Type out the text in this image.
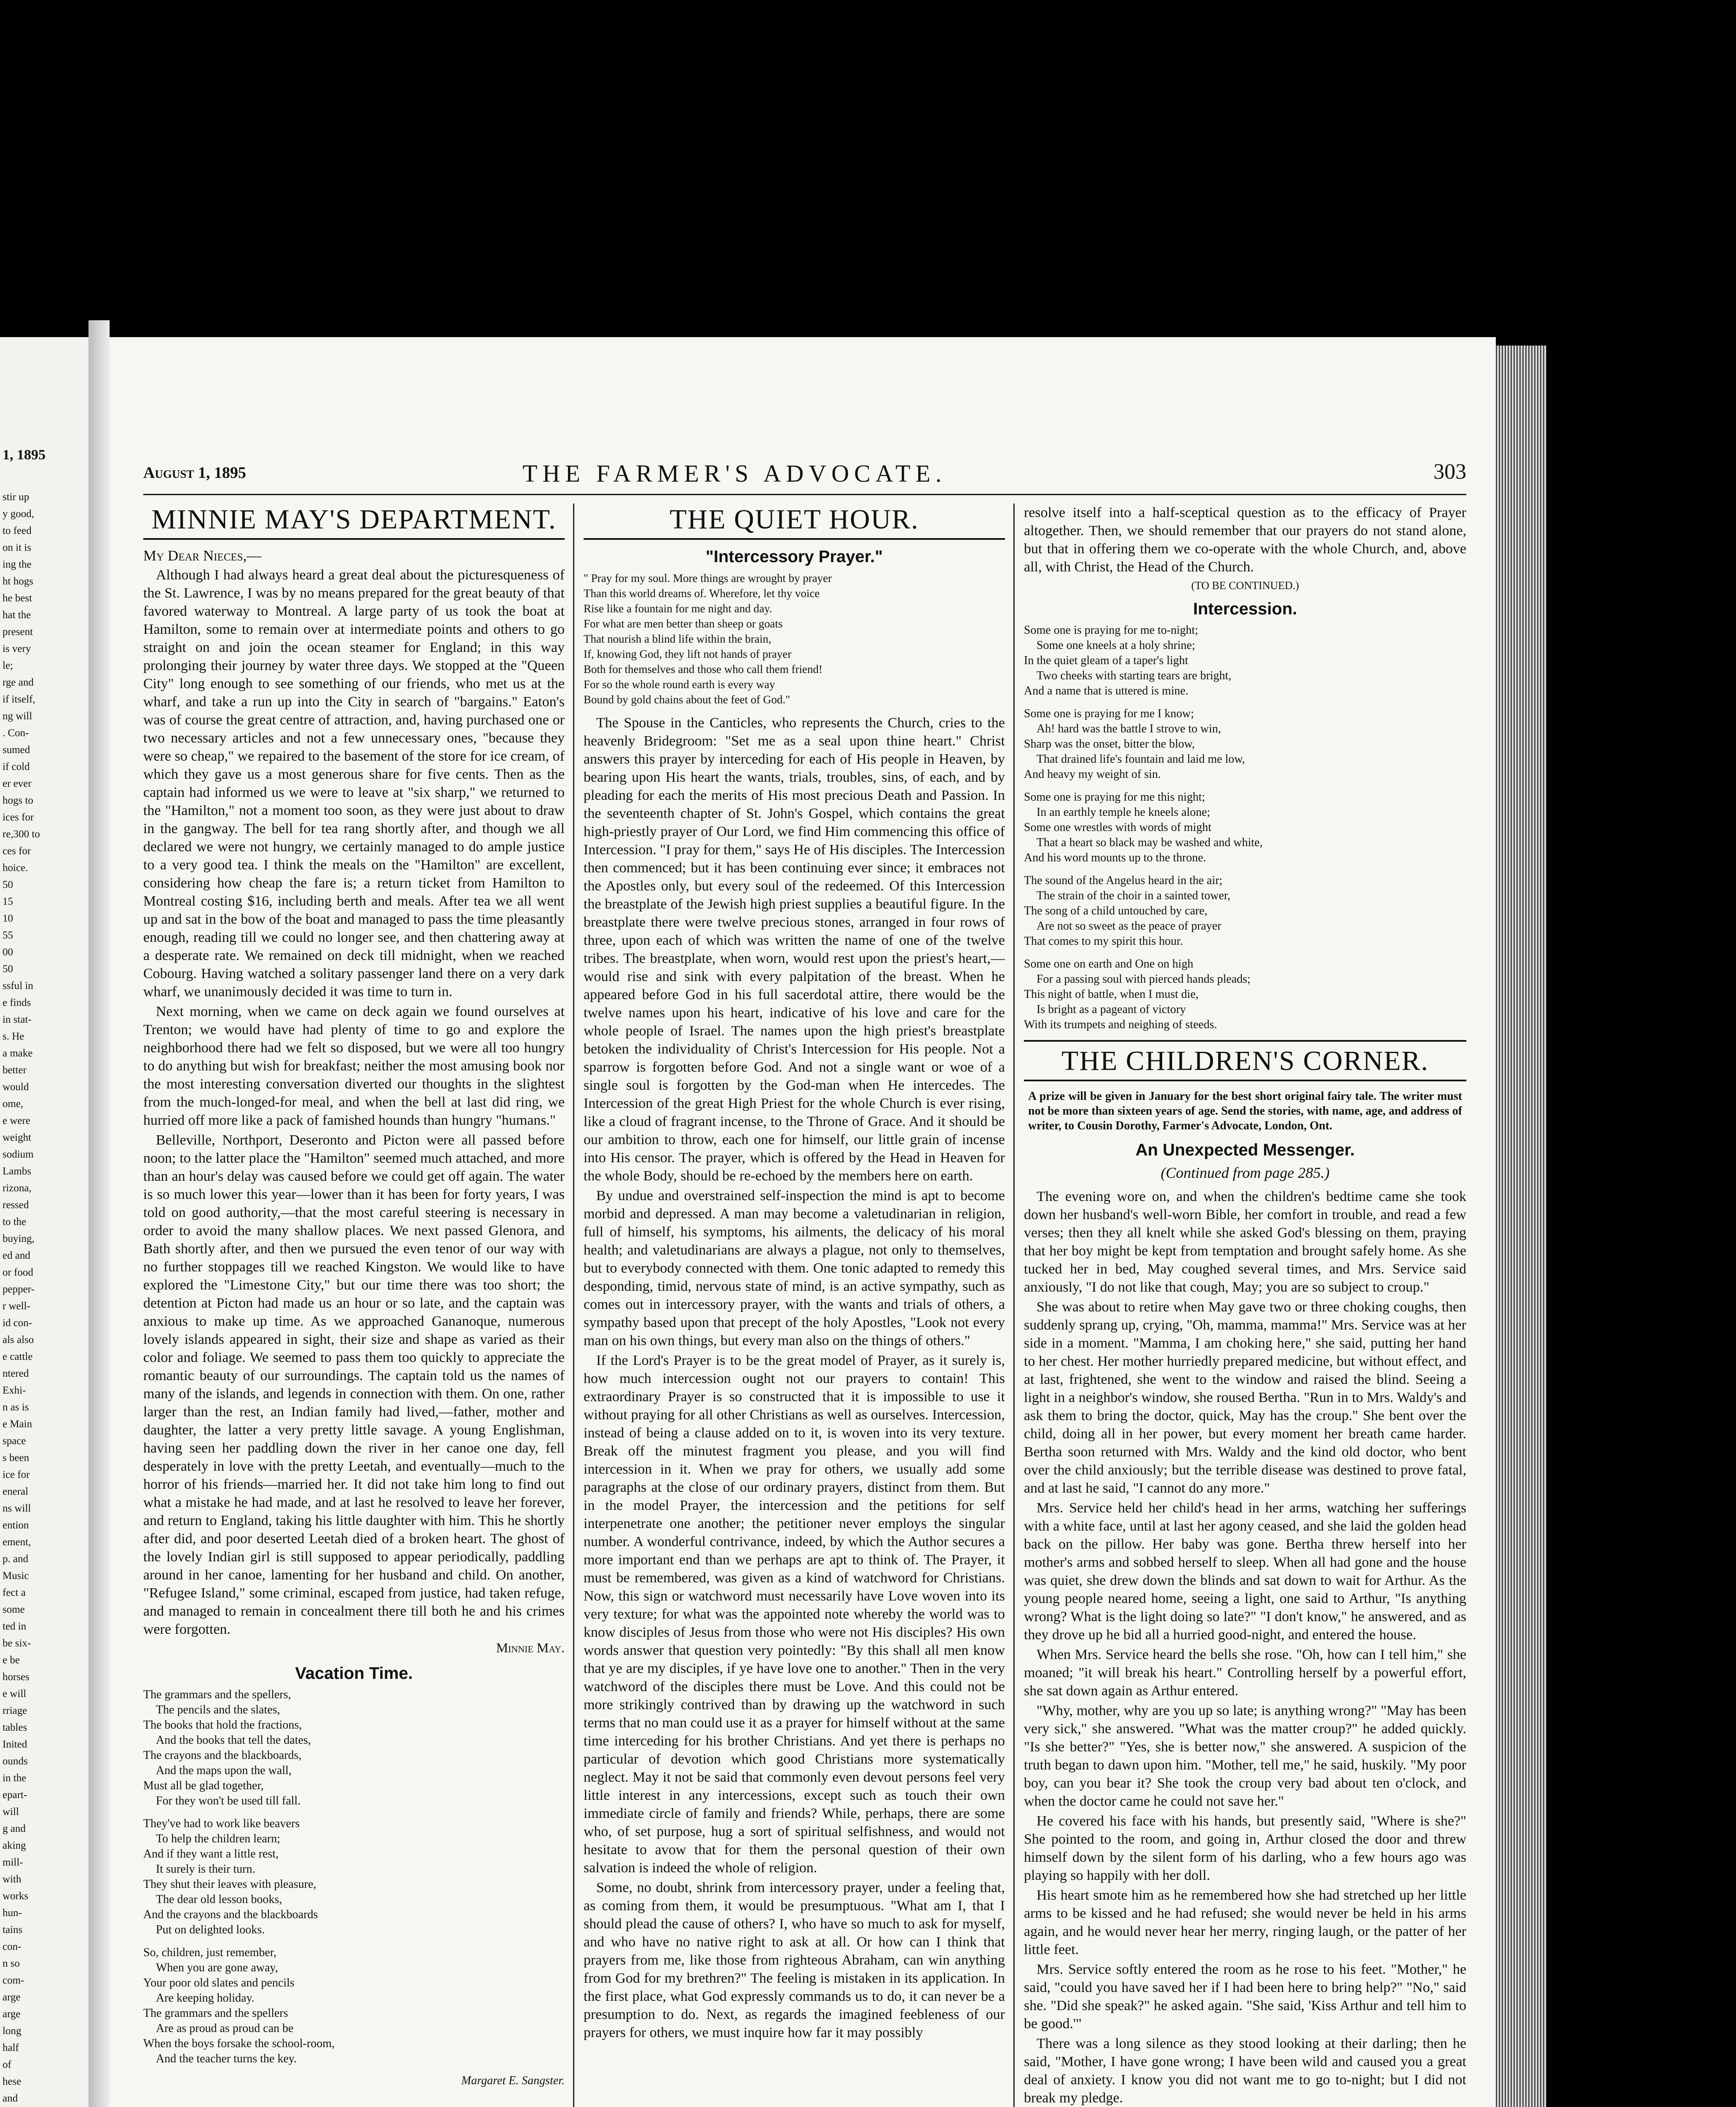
1, 1895
stir up
y good,
to feed
on it is
ing the
ht hogs
he best
hat the
present
is very
le;
rge and
if itself,
ng will
. Con-
sumed
if cold
er ever
hogs to
ices for
re,300 to
ces for
hoice.
50
15
10
55
00
50
ssful in
e finds
in stat-
s. He
a make
better
would
ome,
e were
weight
sodium
Lambs
rizona,
ressed
to the
buying,
ed and
or food
pepper-
r well-
id con-
als also
e cattle
ntered
Exhi-
n as is
e Main
space
s been
ice for
eneral
ns will
ention
ement,
p. and
Music
fect a
some
ted in
be six-
e be
horses
e will
rriage
tables
Inited
ounds
in the
epart-
will
g and
aking
mill-
with
works
hun-
tains
con-
n so
com-
arge
arge
long
half
of
hese
and
August 1, 1895	THE FARMER'S ADVOCATE.	303
MINNIE MAY'S DEPARTMENT.
My Dear Nieces,—

Although I had always heard a great deal about the picturesqueness of the St. Lawrence, I was by no means prepared for the great beauty of that favored waterway to Montreal. A large party of us took the boat at Hamilton, some to remain over at intermediate points and others to go straight on and join the ocean steamer for England; in this way prolonging their journey by water three days. We stopped at the "Queen City" long enough to see something of our friends, who met us at the wharf, and take a run up into the City in search of "bargains." Eaton's was of course the great centre of attraction, and, having purchased one or two necessary articles and not a few unnecessary ones, "because they were so cheap," we repaired to the basement of the store for ice cream, of which they gave us a most generous share for five cents. Then as the captain had informed us we were to leave at "six sharp," we returned to the "Hamilton," not a moment too soon, as they were just about to draw in the gangway. The bell for tea rang shortly after, and though we all declared we were not hungry, we certainly managed to do ample justice to a very good tea. I think the meals on the "Hamilton" are excellent, considering how cheap the fare is; a return ticket from Hamilton to Montreal costing $16, including berth and meals. After tea we all went up and sat in the bow of the boat and managed to pass the time pleasantly enough, reading till we could no longer see, and then chattering away at a desperate rate. We remained on deck till midnight, when we reached Cobourg. Having watched a solitary passenger land there on a very dark wharf, we unanimously decided it was time to turn in.

Next morning, when we came on deck again we found ourselves at Trenton; we would have had plenty of time to go and explore the neighborhood there had we felt so disposed, but we were all too hungry to do anything but wish for breakfast; neither the most amusing book nor the most interesting conversation diverted our thoughts in the slightest from the much-longed-for meal, and when the bell at last did ring, we hurried off more like a pack of famished hounds than hungry "humans."

Belleville, Northport, Deseronto and Picton were all passed before noon; to the latter place the "Hamilton" seemed much attached, and more than an hour's delay was caused before we could get off again. The water is so much lower this year—lower than it has been for forty years, I was told on good authority,—that the most careful steering is necessary in order to avoid the many shallow places. We next passed Glenora, and Bath shortly after, and then we pursued the even tenor of our way with no further stoppages till we reached Kingston. We would like to have explored the "Limestone City," but our time there was too short; the detention at Picton had made us an hour or so late, and the captain was anxious to make up time. As we approached Gananoque, numerous lovely islands appeared in sight, their size and shape as varied as their color and foliage. We seemed to pass them too quickly to appreciate the romantic beauty of our surroundings. The captain told us the names of many of the islands, and legends in connection with them. On one, rather larger than the rest, an Indian family had lived,—father, mother and daughter, the latter a very pretty little savage. A young Englishman, having seen her paddling down the river in her canoe one day, fell desperately in love with the pretty Leetah, and eventually—much to the horror of his friends—married her. It did not take him long to find out what a mistake he had made, and at last he resolved to leave her forever, and return to England, taking his little daughter with him. This he shortly after did, and poor deserted Leetah died of a broken heart. The ghost of the lovely Indian girl is still supposed to appear periodically, paddling around in her canoe, lamenting for her husband and child. On another, "Refugee Island," some criminal, escaped from justice, had taken refuge, and managed to remain in concealment there till both he and his crimes were forgotten.

Minnie May.
Vacation Time.
The grammars and the spellers,
The pencils and the slates,
The books that hold the fractions,
And the books that tell the dates,
The crayons and the blackboards,
And the maps upon the wall,
Must all be glad together,
For they won't be used till fall.
They've had to work like beavers
To help the children learn;
And if they want a little rest,
It surely is their turn.
They shut their leaves with pleasure,
The dear old lesson books,
And the crayons and the blackboards
Put on delighted looks.
So, children, just remember,
When you are gone away,
Your poor old slates and pencils
Are keeping holiday.
The grammars and the spellers
Are as proud as proud can be
When the boys forsake the school-room,
And the teacher turns the key.
Margaret E. Sangster.
THE QUIET HOUR.
"Intercessory Prayer."
" Pray for my soul. More things are wrought by prayer
Than this world dreams of. Wherefore, let thy voice
Rise like a fountain for me night and day.
For what are men better than sheep or goats
That nourish a blind life within the brain,
If, knowing God, they lift not hands of prayer
Both for themselves and those who call them friend!
For so the whole round earth is every way
Bound by gold chains about the feet of God."

The Spouse in the Canticles, who represents the Church, cries to the heavenly Bridegroom: "Set me as a seal upon thine heart." Christ answers this prayer by interceding for each of His people in Heaven, by bearing upon His heart the wants, trials, troubles, sins, of each, and by pleading for each the merits of His most precious Death and Passion. In the seventeenth chapter of St. John's Gospel, which contains the great high-priestly prayer of Our Lord, we find Him commencing this office of Intercession. "I pray for them," says He of His disciples. The Intercession then commenced; but it has been continuing ever since; it embraces not the Apostles only, but every soul of the redeemed. Of this Intercession the breastplate of the Jewish high priest supplies a beautiful figure. In the breastplate there were twelve precious stones, arranged in four rows of three, upon each of which was written the name of one of the twelve tribes. The breastplate, when worn, would rest upon the priest's heart,—would rise and sink with every palpitation of the breast. When he appeared before God in his full sacerdotal attire, there would be the twelve names upon his heart, indicative of his love and care for the whole people of Israel. The names upon the high priest's breastplate betoken the individuality of Christ's Intercession for His people. Not a sparrow is forgotten before God. And not a single want or woe of a single soul is forgotten by the God-man when He intercedes. The Intercession of the great High Priest for the whole Church is ever rising, like a cloud of fragrant incense, to the Throne of Grace. And it should be our ambition to throw, each one for himself, our little grain of incense into His censor. The prayer, which is offered by the Head in Heaven for the whole Body, should be re-echoed by the members here on earth.

By undue and overstrained self-inspection the mind is apt to become morbid and depressed. A man may become a valetudinarian in religion, full of himself, his symptoms, his ailments, the delicacy of his moral health; and valetudinarians are always a plague, not only to themselves, but to everybody connected with them. One tonic adapted to remedy this desponding, timid, nervous state of mind, is an active sympathy, such as comes out in intercessory prayer, with the wants and trials of others, a sympathy based upon that precept of the holy Apostles, "Look not every man on his own things, but every man also on the things of others."

If the Lord's Prayer is to be the great model of Prayer, as it surely is, how much intercession ought not our prayers to contain! This extraordinary Prayer is so constructed that it is impossible to use it without praying for all other Christians as well as ourselves. Intercession, instead of being a clause added on to it, is woven into its very texture. Break off the minutest fragment you please, and you will find intercession in it. When we pray for others, we usually add some paragraphs at the close of our ordinary prayers, distinct from them. But in the model Prayer, the intercession and the petitions for self interpenetrate one another; the petitioner never employs the singular number. A wonderful contrivance, indeed, by which the Author secures a more important end than we perhaps are apt to think of. The Prayer, it must be remembered, was given as a kind of watchword for Christians. Now, this sign or watchword must necessarily have Love woven into its very texture; for what was the appointed note whereby the world was to know disciples of Jesus from those who were not His disciples? His own words answer that question very pointedly: "By this shall all men know that ye are my disciples, if ye have love one to another." Then in the very watchword of the disciples there must be Love. And this could not be more strikingly contrived than by drawing up the watchword in such terms that no man could use it as a prayer for himself without at the same time interceding for his brother Christians. And yet there is perhaps no particular of devotion which good Christians more systematically neglect. May it not be said that commonly even devout persons feel very little interest in any intercessions, except such as touch their own immediate circle of family and friends? While, perhaps, there are some who, of set purpose, hug a sort of spiritual selfishness, and would not hesitate to avow that for them the personal question of their own salvation is indeed the whole of religion.

Some, no doubt, shrink from intercessory prayer, under a feeling that, as coming from them, it would be presumptuous. "What am I, that I should plead the cause of others? I, who have so much to ask for myself, and who have no native right to ask at all. Or how can I think that prayers from me, like those from righteous Abraham, can win anything from God for my brethren?" The feeling is mistaken in its application. In the first place, what God expressly commands us to do, it can never be a presumption to do. Next, as regards the imagined feebleness of our prayers for others, we must inquire how far it may possibly

resolve itself into a half-sceptical question as to the efficacy of Prayer altogether. Then, we should remember that our prayers do not stand alone, but that in offering them we co-operate with the whole Church, and, above all, with Christ, the Head of the Church.

(TO BE CONTINUED.)
Intercession.
Some one is praying for me to-night;
Some one kneels at a holy shrine;
In the quiet gleam of a taper's light
Two cheeks with starting tears are bright,
And a name that is uttered is mine.
Some one is praying for me I know;
Ah! hard was the battle I strove to win,
Sharp was the onset, bitter the blow,
That drained life's fountain and laid me low,
And heavy my weight of sin.
Some one is praying for me this night;
In an earthly temple he kneels alone;
Some one wrestles with words of might
That a heart so black may be washed and white,
And his word mounts up to the throne.
The sound of the Angelus heard in the air;
The strain of the choir in a sainted tower,
The song of a child untouched by care,
Are not so sweet as the peace of prayer
That comes to my spirit this hour.
Some one on earth and One on high
For a passing soul with pierced hands pleads;
This night of battle, when I must die,
Is bright as a pageant of victory
With its trumpets and neighing of steeds.
THE CHILDREN'S CORNER.
A prize will be given in January for the best short original fairy tale. The writer must not be more than sixteen years of age. Send the stories, with name, age, and address of writer, to Cousin Dorothy, Farmer's Advocate, London, Ont.
An Unexpected Messenger.
(Continued from page 285.)

The evening wore on, and when the children's bedtime came she took down her husband's well-worn Bible, her comfort in trouble, and read a few verses; then they all knelt while she asked God's blessing on them, praying that her boy might be kept from temptation and brought safely home. As she tucked her in bed, May coughed several times, and Mrs. Service said anxiously, "I do not like that cough, May; you are so subject to croup."

She was about to retire when May gave two or three choking coughs, then suddenly sprang up, crying, "Oh, mamma, mamma!" Mrs. Service was at her side in a moment. "Mamma, I am choking here," she said, putting her hand to her chest. Her mother hurriedly prepared medicine, but without effect, and at last, frightened, she went to the window and raised the blind. Seeing a light in a neighbor's window, she roused Bertha. "Run in to Mrs. Waldy's and ask them to bring the doctor, quick, May has the croup." She bent over the child, doing all in her power, but every moment her breath came harder. Bertha soon returned with Mrs. Waldy and the kind old doctor, who bent over the child anxiously; but the terrible disease was destined to prove fatal, and at last he said, "I cannot do any more."

Mrs. Service held her child's head in her arms, watching her sufferings with a white face, until at last her agony ceased, and she laid the golden head back on the pillow. Her baby was gone. Bertha threw herself into her mother's arms and sobbed herself to sleep. When all had gone and the house was quiet, she drew down the blinds and sat down to wait for Arthur. As the young people neared home, seeing a light, one said to Arthur, "Is anything wrong? What is the light doing so late?" "I don't know," he answered, and as they drove up he bid all a hurried good-night, and entered the house.

When Mrs. Service heard the bells she rose. "Oh, how can I tell him," she moaned; "it will break his heart." Controlling herself by a powerful effort, she sat down again as Arthur entered.

"Why, mother, why are you up so late; is anything wrong?" "May has been very sick," she answered. "What was the matter croup?" he added quickly. "Is she better?" "Yes, she is better now," she answered. A suspicion of the truth began to dawn upon him. "Mother, tell me," he said, huskily. "My poor boy, can you bear it? She took the croup very bad about ten o'clock, and when the doctor came he could not save her."

He covered his face with his hands, but presently said, "Where is she?" She pointed to the room, and going in, Arthur closed the door and threw himself down by the silent form of his darling, who a few hours ago was playing so happily with her doll.

His heart smote him as he remembered how she had stretched up her little arms to be kissed and he had refused; she would never be held in his arms again, and he would never hear her merry, ringing laugh, or the patter of her little feet.

Mrs. Service softly entered the room as he rose to his feet. "Mother," he said, "could you have saved her if I had been here to bring help?" "No," said she. "Did she speak?" he asked again. "She said, 'Kiss Arthur and tell him to be good.'"

There was a long silence as they stood looking at their darling; then he said, "Mother, I have gone wrong; I have been wild and caused you a great deal of anxiety. I know you did not want me to go to-night; but I did not break my pledge.
